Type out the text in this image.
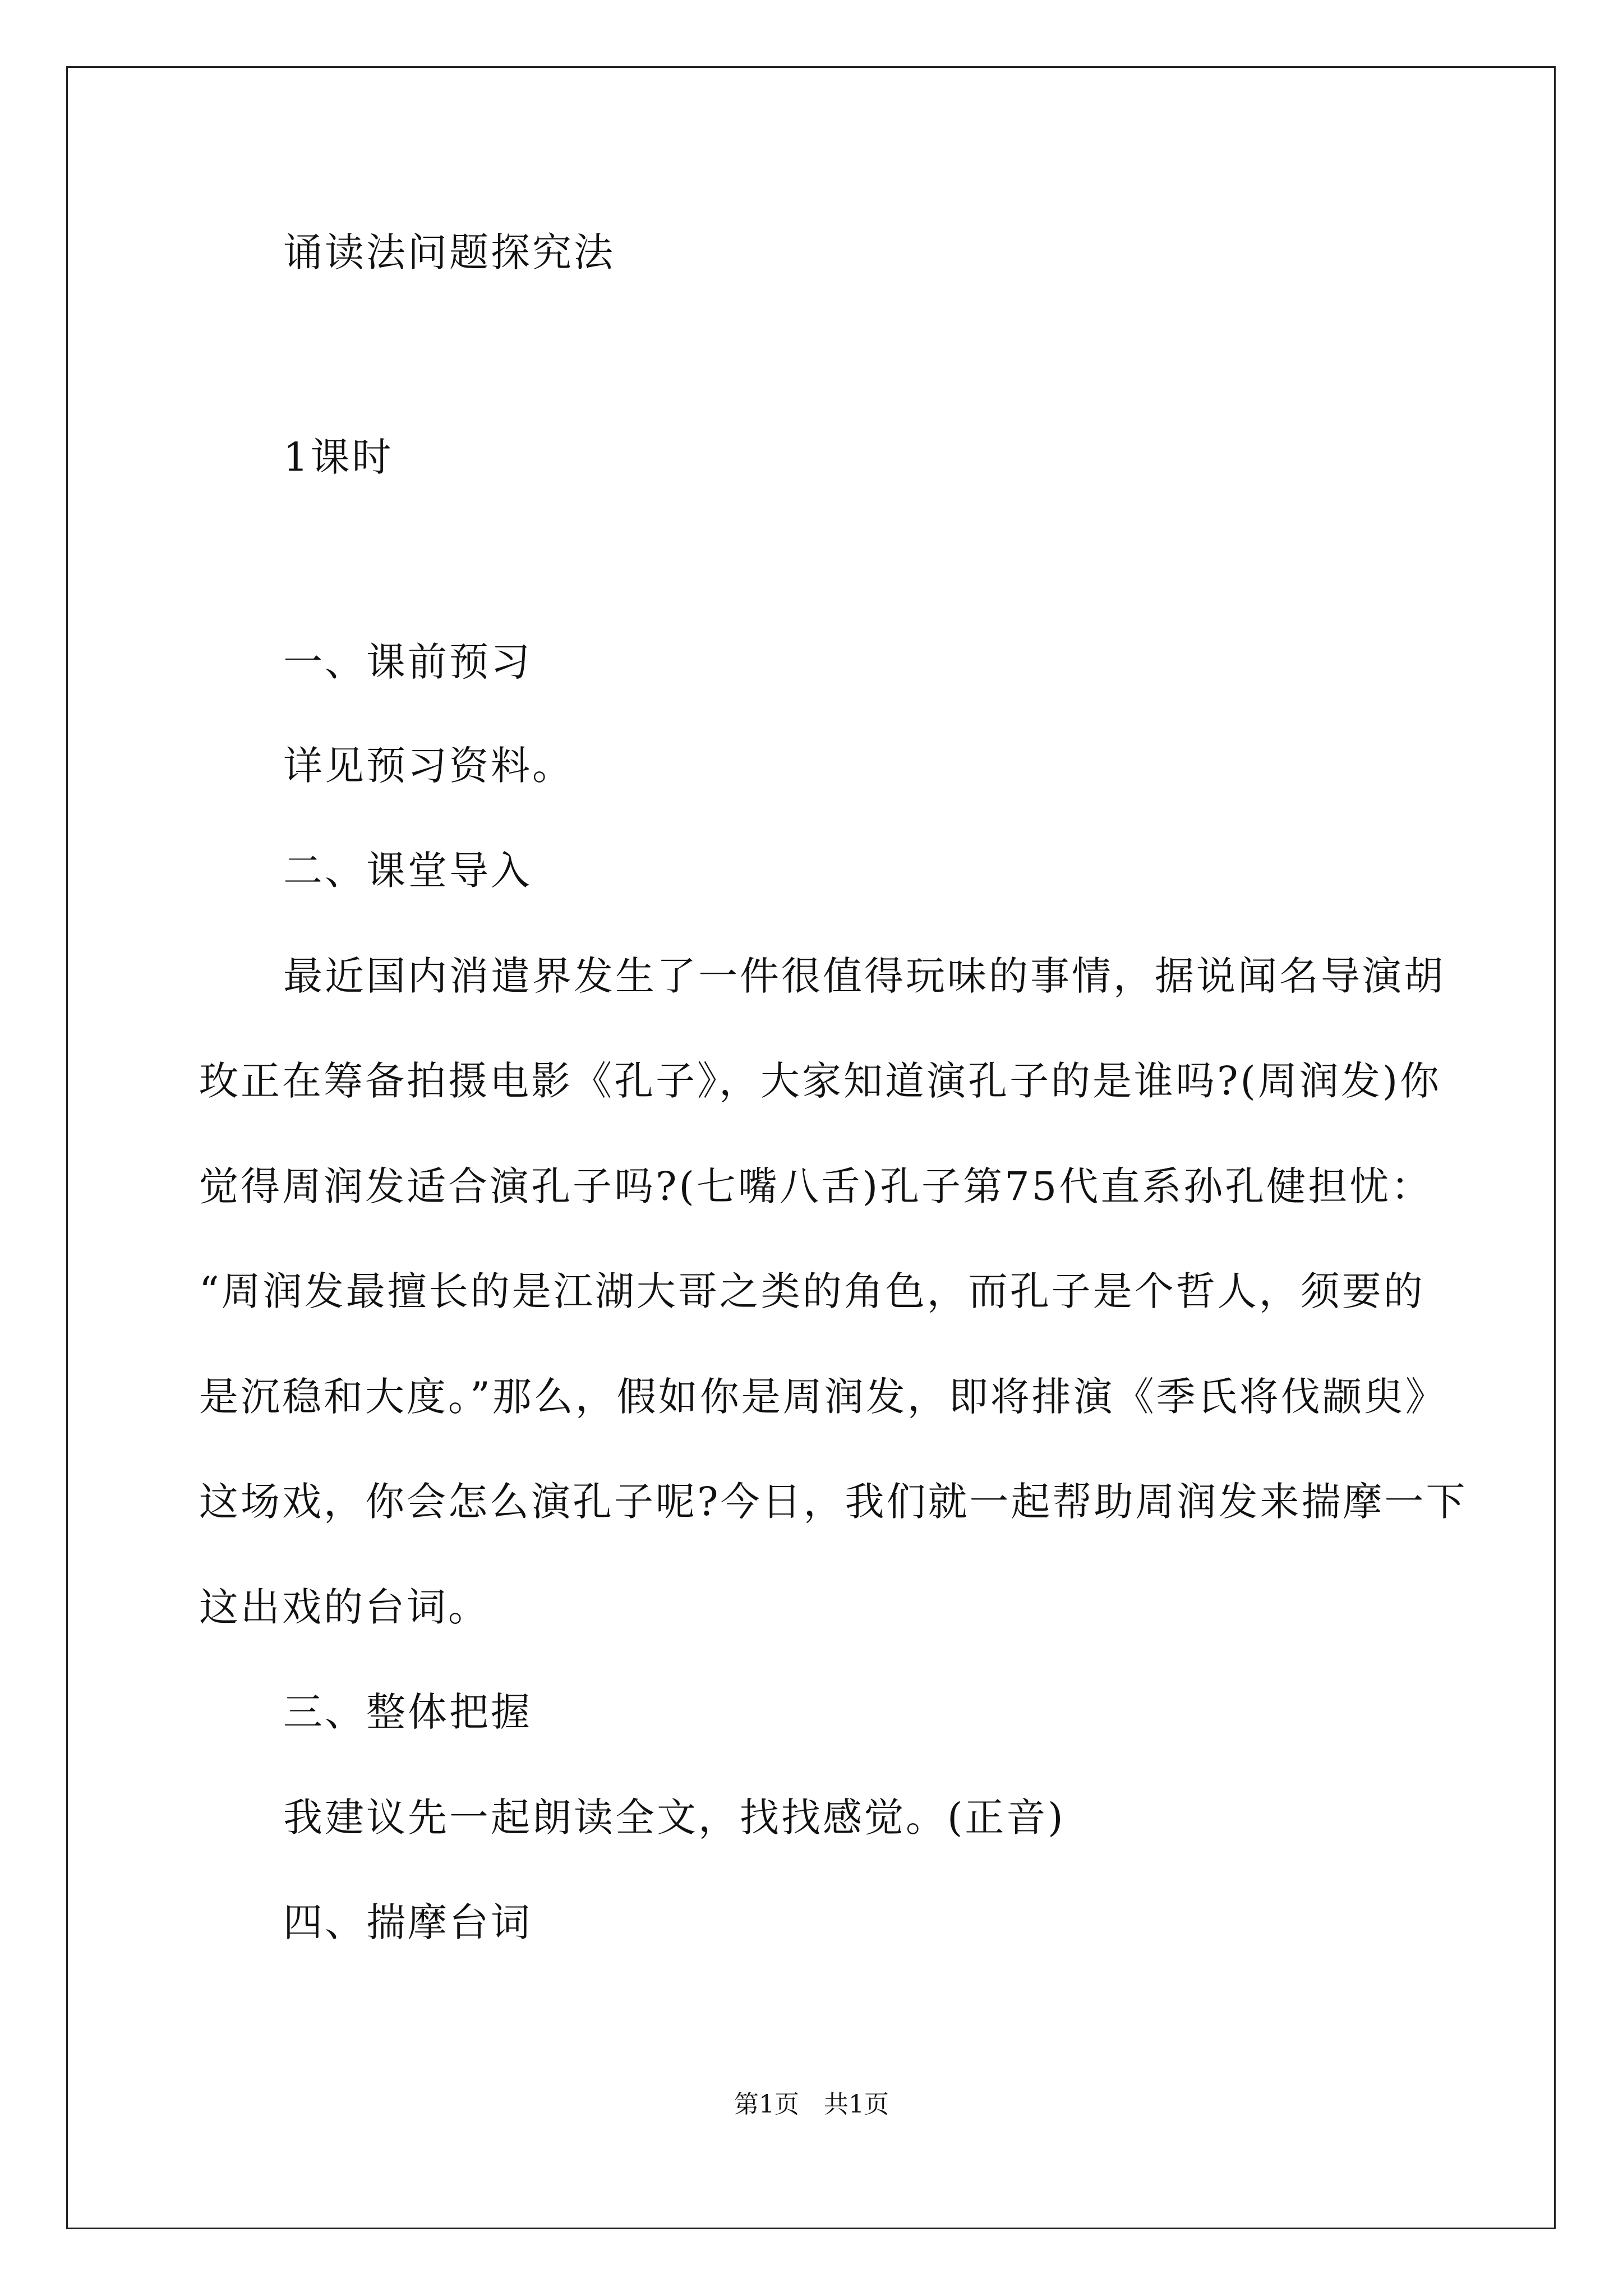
诵读法问题探究法
1课时
一、课前预习
详见预习资料。
二、课堂导入
最近国内消遣界发生了一件很值得玩味的事情，据说闻名导演胡
玫正在筹备拍摄电影《孔子》，大家知道演孔子的是谁吗?(周润发)你
觉得周润发适合演孔子吗?(七嘴八舌)孔子第75代直系孙孔健担忧：
“周润发最擅长的是江湖大哥之类的角色，而孔子是个哲人，须要的
是沉稳和大度。”那么，假如你是周润发，即将排演《季氏将伐颛臾》
这场戏，你会怎么演孔子呢?今日，我们就一起帮助周润发来揣摩一下
这出戏的台词。
三、整体把握
我建议先一起朗读全文，找找感觉。(正音)
四、揣摩台词
第1页　共1页
